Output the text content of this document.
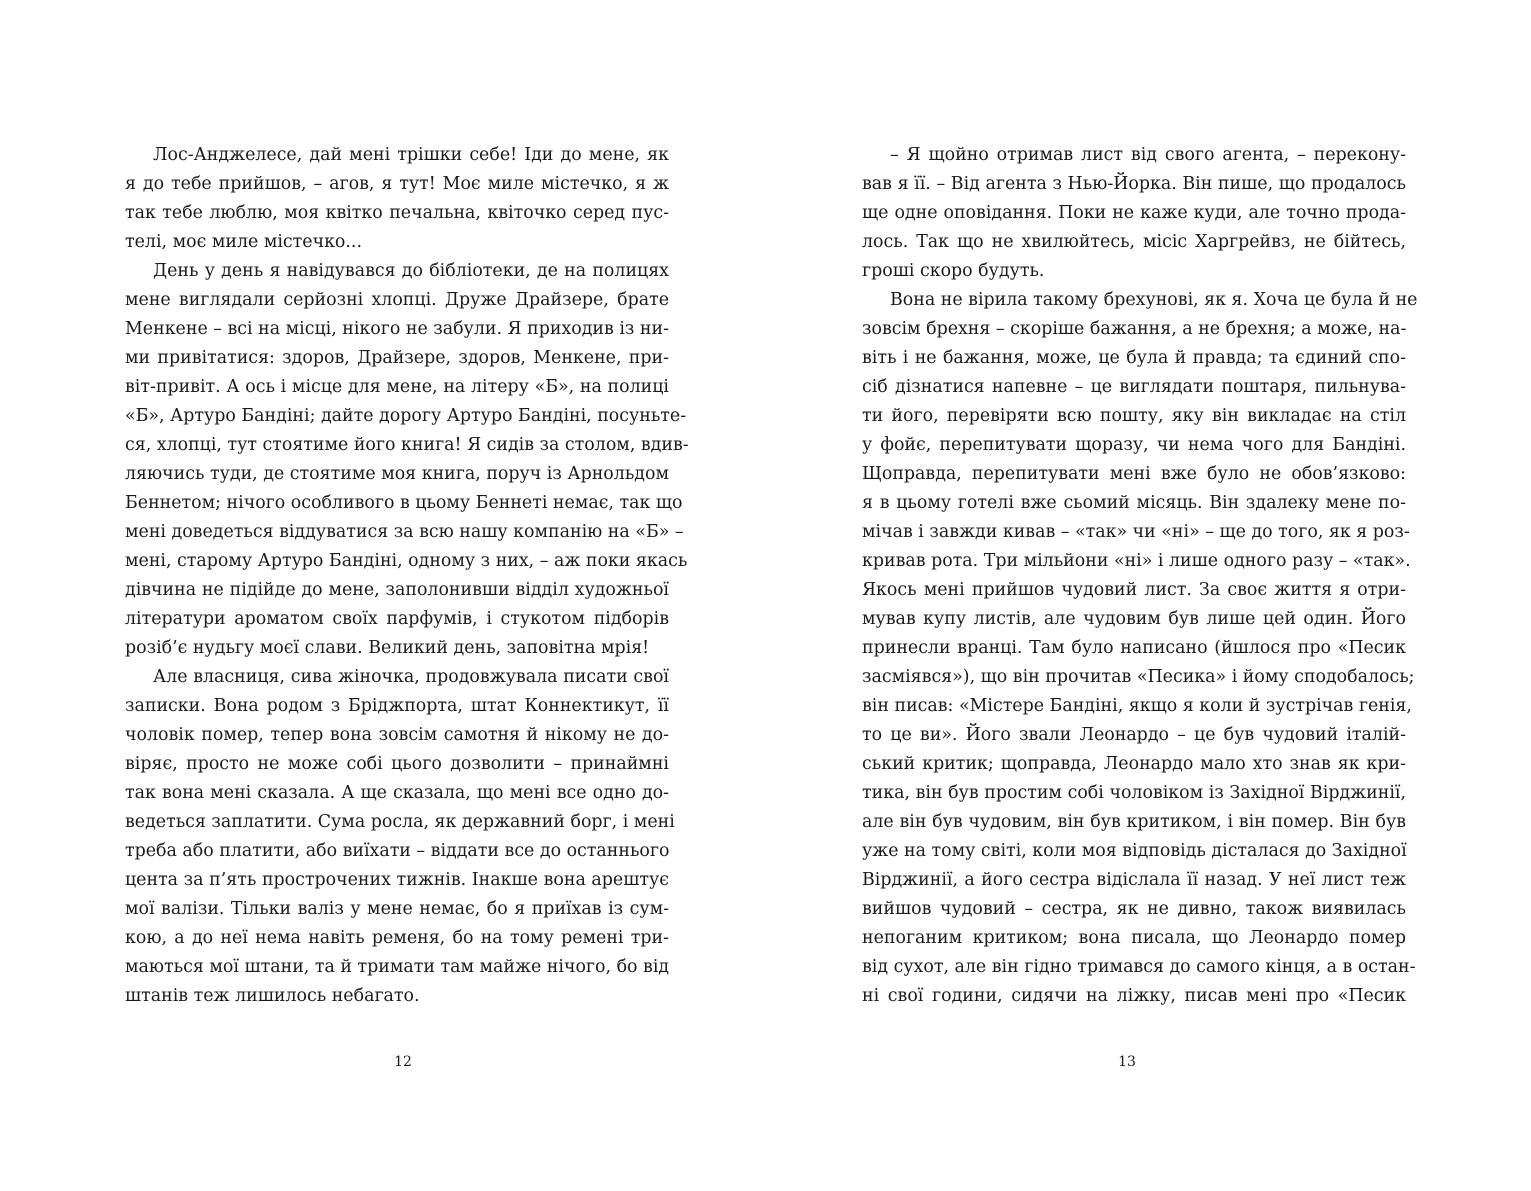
Лос-Анджелесе, дай мені трішки себе! Іди до мене, як
я до тебе прийшов, – агов, я тут! Моє миле містечко, я ж
так тебе люблю, моя квітко печальна, квіточко серед пус-
телі, моє миле містечко...
День у день я навідувався до бібліотеки, де на полицях
мене виглядали серйозні хлопці. Друже Драйзере, брате
Менкене – всі на місці, нікого не забули. Я приходив із ни-
ми привітатися: здоров, Драйзере, здоров, Менкене, при-
віт-привіт. А ось і місце для мене, на літеру «Б», на полиці
«Б», Артуро Бандіні; дайте дорогу Артуро Бандіні, посуньте-
ся, хлопці, тут стоятиме його книга! Я сидів за столом, вдив-
ляючись туди, де стоятиме моя книга, поруч із Арнольдом
Беннетом; нічого особливого в цьому Беннеті немає, так що
мені доведеться віддуватися за всю нашу компанію на «Б» –
мені, старому Артуро Бандіні, одному з них, – аж поки якась
дівчина не підійде до мене, заполонивши відділ художньої
літератури ароматом своїх парфумів, і стукотом підборів
розіб’є нудьгу моєї слави. Великий день, заповітна мрія!
Але власниця, сива жіночка, продовжувала писати свої
записки. Вона родом з Бріджпорта, штат Коннектикут, її
чоловік помер, тепер вона зовсім самотня й нікому не до-
віряє, просто не може собі цього дозволити – принаймні
так вона мені сказала. А ще сказала, що мені все одно до-
ведеться заплатити. Сума росла, як державний борг, і мені
треба або платити, або виїхати – віддати все до останнього
цента за п’ять прострочених тижнів. Інакше вона арештує
мої валізи. Тільки валіз у мене немає, бо я приїхав із сум-
кою, а до неї нема навіть ременя, бо на тому ремені три-
маються мої штани, та й тримати там майже нічого, бо від
штанів теж лишилось небагато.
– Я щойно отримав лист від свого агента, – перекону-
вав я її. – Від агента з Нью-Йорка. Він пише, що продалось
ще одне оповідання. Поки не каже куди, але точно прода-
лось. Так що не хвилюйтесь, місіс Харгрейвз, не бійтесь,
гроші скоро будуть.
Вона не вірила такому брехунові, як я. Хоча це була й не
зовсім брехня – скоріше бажання, а не брехня; а може, на-
віть і не бажання, може, це була й правда; та єдиний спо-
сіб дізнатися напевне – це виглядати поштаря, пильнува-
ти його, перевіряти всю пошту, яку він викладає на стіл
у фойє, перепитувати щоразу, чи нема чого для Бандіні.
Щоправда, перепитувати мені вже було не обов’язково:
я в цьому готелі вже сьомий місяць. Він здалеку мене по-
мічав і завжди кивав – «так» чи «ні» – ще до того, як я роз-
кривав рота. Три мільйони «ні» і лише одного разу – «так».
Якось мені прийшов чудовий лист. За своє життя я отри-
мував купу листів, але чудовим був лише цей один. Його
принесли вранці. Там було написано (йшлося про «Песик
засміявся»), що він прочитав «Песика» і йому сподобалось;
він писав: «Містере Бандіні, якщо я коли й зустрічав генія,
то це ви». Його звали Леонардо – це був чудовий італій-
ський критик; щоправда, Леонардо мало хто знав як кри-
тика, він був простим собі чоловіком із Західної Вірджинії,
але він був чудовим, він був критиком, і він помер. Він був
уже на тому світі, коли моя відповідь дісталася до Західної
Вірджинії, а його сестра відіслала її назад. У неї лист теж
вийшов чудовий – сестра, як не дивно, також виявилась
непоганим критиком; вона писала, що Леонардо помер
від сухот, але він гідно тримався до самого кінця, а в остан-
ні свої години, сидячи на ліжку, писав мені про «Песик
12	13
